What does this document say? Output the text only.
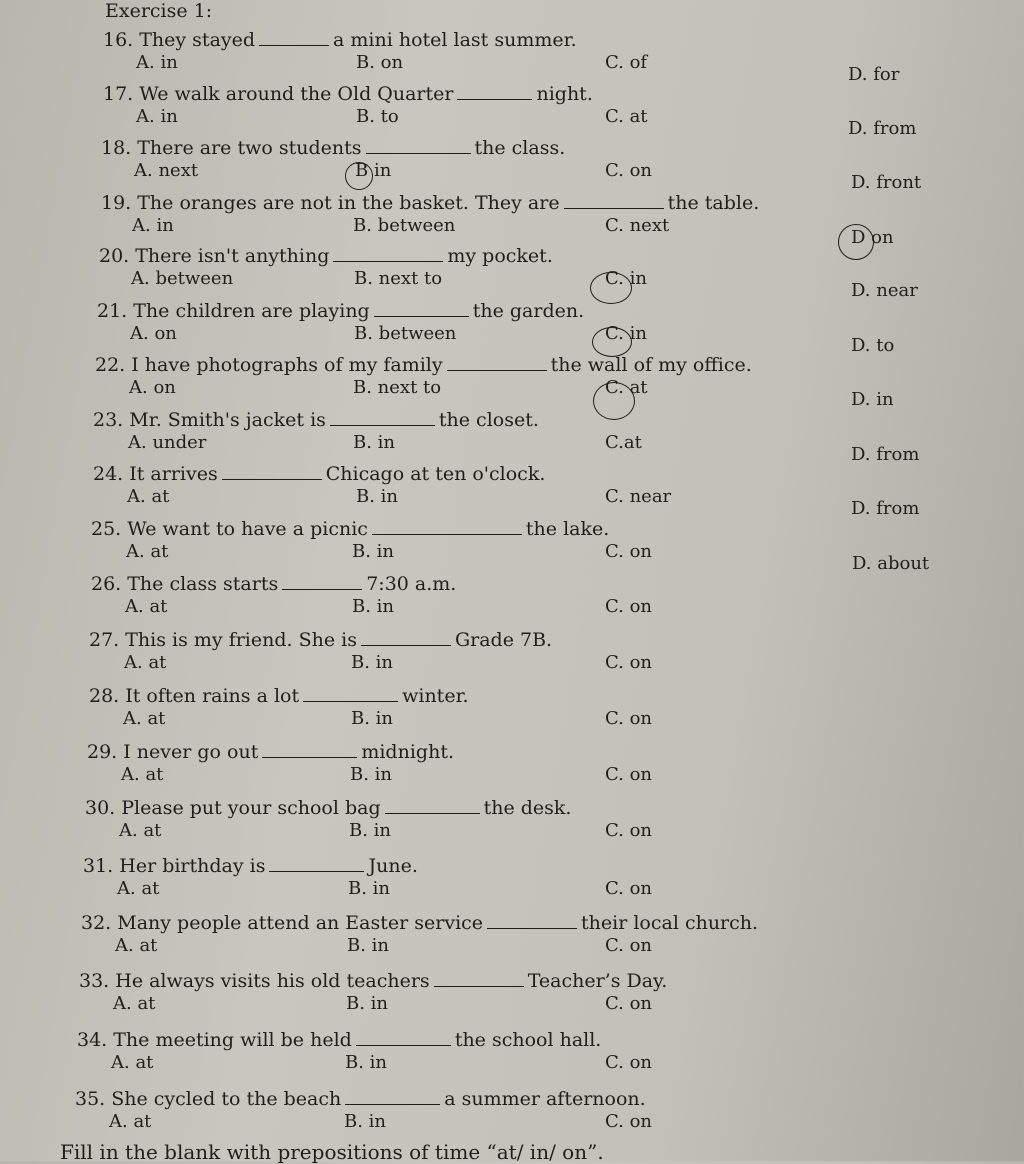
Exercise 1:
16. They stayed	a mini hotel last summer.
A. in	B. on	C. of
D. for
17. We walk around the Old Quarter	night.
A. in	B. to	C. at
D. from
18. There are two students	the class.
A. next	B in	C. on
D. front
19. The oranges are not in the basket. They are	the table.
A. in	B. between	C. next
D on
20. There isn't anything	my pocket.
A. between	B. next to	C. in
D. near
21. The children are playing	the garden.
A. on	B. between	C. in
D. to
22. I have photographs of my family	the wall of my office.
A. on	B. next to	C. at
D. in
23. Mr. Smith's jacket is	the closet.
A. under	B. in	C.at
D. from
24. It arrives	Chicago at ten o'clock.
A. at	B. in	C. near
D. from
25. We want to have a picnic	the lake.
A. at	B. in	C. on
D. about
26. The class starts	7:30 a.m.
A. at	B. in	C. on
27. This is my friend. She is	Grade 7B.
A. at	B. in	C. on
28. It often rains a lot	winter.
A. at	B. in	C. on
29. I never go out	midnight.
A. at	B. in	C. on
30. Please put your school bag	the desk.
A. at	B. in	C. on
31. Her birthday is	June.
A. at	B. in	C. on
32. Many people attend an Easter service	their local church.
A. at	B. in	C. on
33. He always visits his old teachers	Teacher’s Day.
A. at	B. in	C. on
34. The meeting will be held	the school hall.
A. at	B. in	C. on
35. She cycled to the beach	a summer afternoon.
A. at	B. in	C. on
Fill in the blank with prepositions of time “at/ in/ on”.
